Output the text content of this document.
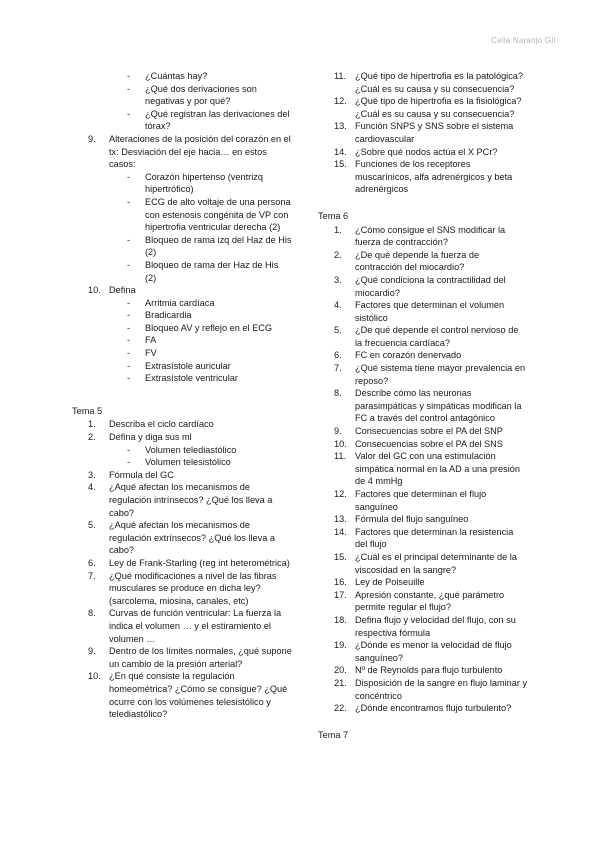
Celia Naranjo GII
- ¿Cuántas hay?
- ¿Qué dos derivaciones son negativas y por qué?
- ¿Qué registran las derivaciones del tórax?
9.	Alteraciones de la posición del corazón en el tx: Desviación del eje hacia… en estos casos:
- Corazón hipertenso (ventrizq hipertrófico)
- ECG de alto voltaje de una persona con estenosis congénita de VP con hipertrofia ventricular derecha (2)
- Bloqueo de rama izq del Haz de His (2)
- Bloqueo de rama der Haz de His (2)
10. Defina
- Arritmia cardíaca
- Bradicardia
- Bloqueo AV y reflejo en el ECG
- FA
- FV
- Extrasístole auricular
- Extrasístole ventricular
Tema 5
1.	Describa el ciclo cardíaco
2.	Defina y diga sus ml
- Volumen telediastólico
- Volumen telesistólico
3.	Fórmula del GC
4.	¿Aqué afectan los mecanismos de regulación intrínsecos? ¿Qué los lleva a cabo?
5.	¿Aqué afectan los mecanismos de regulación extrínsecos? ¿Qué los lleva a cabo?
6.	Ley de Frank-Starling (reg int heterométrica)
7.	¿Qué modificaciones a nivel de las fibras musculares se produce en dicha ley? (sarcolema, miosina, canales, etc)
8.	Curvas de función ventricular: La fuerza la indica el volumen … y el estiramiento el volumen …
9.	Dentro de los límites normales, ¿qué supone un cambio de la presión arterial?
10. ¿En qué consiste la regulación homeométrica? ¿Cómo se consigue? ¿Qué ocurre con los volúmenes telesistólico y telediastólico?
11. ¿Qué tipo de hipertrofia es la patológica? ¿Cuál es su causa y su consecuencia?
12. ¿Qué tipo de hipertrofia es la fisiológica? ¿Cuál es su causa y su consecuencia?
13. Función SNPS y SNS sobre el sistema cardiovascular
14. ¿Sobre qué nodos actúa el X PCr?
15. Funciones de los receptores muscarínicos, alfa adrenérgicos y beta adrenérgicos
Tema 6
1.	¿Cómo consigue el SNS modificar la fuerza de contracción?
2.	¿De qué depende la fuerza de contracción del miocardio?
3.	¿Qué condiciona la contractilidad del miocardio?
4.	Factores que determinan el volumen sistólico
5.	¿De qué depende el control nervioso de la frecuencia cardíaca?
6.	FC en corazón denervado
7.	¿Qué sistema tiene mayor prevalencia en reposo?
8.	Describe cómo las neuronas parasimpáticas y simpáticas modifican la FC a través del control antagónico
9.	Consecuencias sobre el PA del SNP
10. Consecuencias sobre el PA del SNS
11. Valor del GC con una estimulación simpática normal en la AD a una presión de 4 mmHg
12. Factores que determinan el flujo sanguíneo
13. Fórmula del flujo sanguíneo
14. Factores que determinan la resistencia del flujo
15. ¿Cuál es el principal determinante de la viscosidad en la sangre?
16. Ley de Poiseuille
17. Apresión constante, ¿qué parámetro permite regular el flujo?
18. Defina flujo y velocidad del flujo, con su respectiva fórmula
19. ¿Dónde es menor la velocidad de flujo sanguíneo?
20. Nº de Reynolds para flujo turbulento
21. Disposición de la sangre en flujo laminar y concéntrico
22. ¿Dónde encontramos flujo turbulento?
Tema 7
